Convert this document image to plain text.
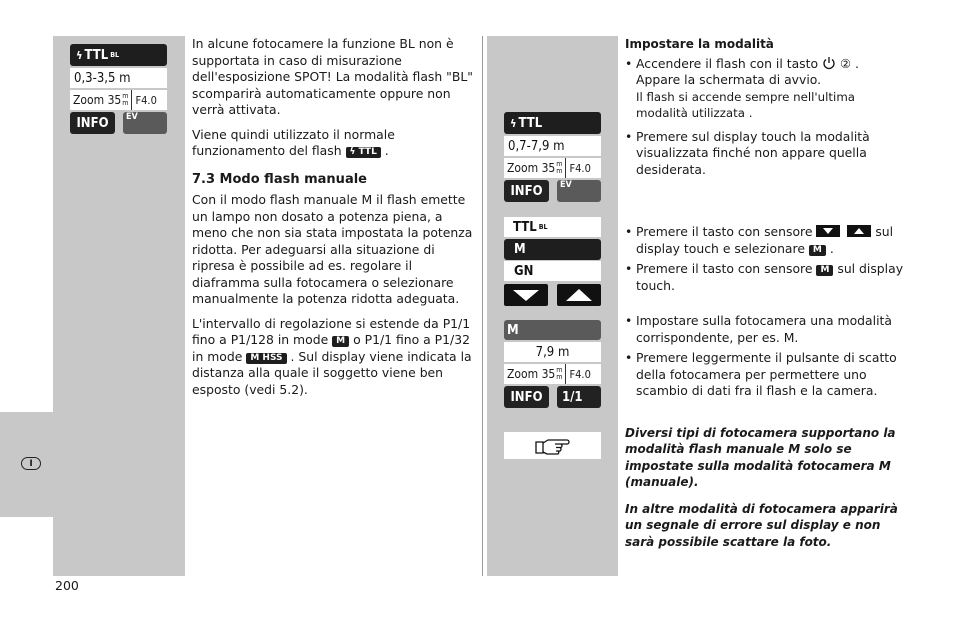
I
ϟ TTL BL
0,3-3,5 m
Zoom
35 m
m F4.0
INFO	EV

In alcune fotocamere la funzione BL non è supportata in caso di misurazione dell'esposizione SPOT! La modalità flash "BL" scomparirà automaticamente oppure non verrà attivata.

Viene quindi utilizzato il normale funzionamento del flash ϟ TTL .

7.3 Modo flash manuale

Con il modo flash manuale M il flash emette un lampo non dosato a potenza piena, a meno che non sia stata impostata la potenza ridotta. Per adeguarsi alla situazione di ripresa è possibile ad es. regolare il diaframma sulla fotocamera o selezionare manualmente la potenza ridotta adeguata.

L'intervallo di regolazione si estende da P1/1 fino a P1/128 in mode M o P1/1 fino a P1/32 in mode M HSS . Sul display viene indicata la distanza alla quale il soggetto viene ben esposto (vedi 5.2).

ϟ TTL
0,7-7,9 m
Zoom
35 m
m F4.0
INFO	EV
TTL BL
M
GN
M
7,9 m
Zoom
35 m
m F4.0
INFO 1/1
Impostare la modalità
• Accendere il flash con il tasto ② .
Appare la schermata di avvio.
Il flash si accende sempre nell'ultima modalità utilizzata .
• Premere sul display touch la modalità visualizzata finché non appare quella desiderata.
• Premere il tasto con sensore	sul display touch e selezionare M .
• Premere il tasto con sensore M sul display touch.
• Impostare sulla fotocamera una modalità corrispondente, per es. M.
• Premere leggermente il pulsante di scatto della fotocamera per permettere uno scambio di dati fra il flash e la camera.

Diversi tipi di fotocamera supportano la modalità flash manuale M solo se impostate sulla modalità fotocamera M (manuale).

In altre modalità di fotocamera apparirà un segnale di errore sul display e non sarà possibile scattare la foto.

200
